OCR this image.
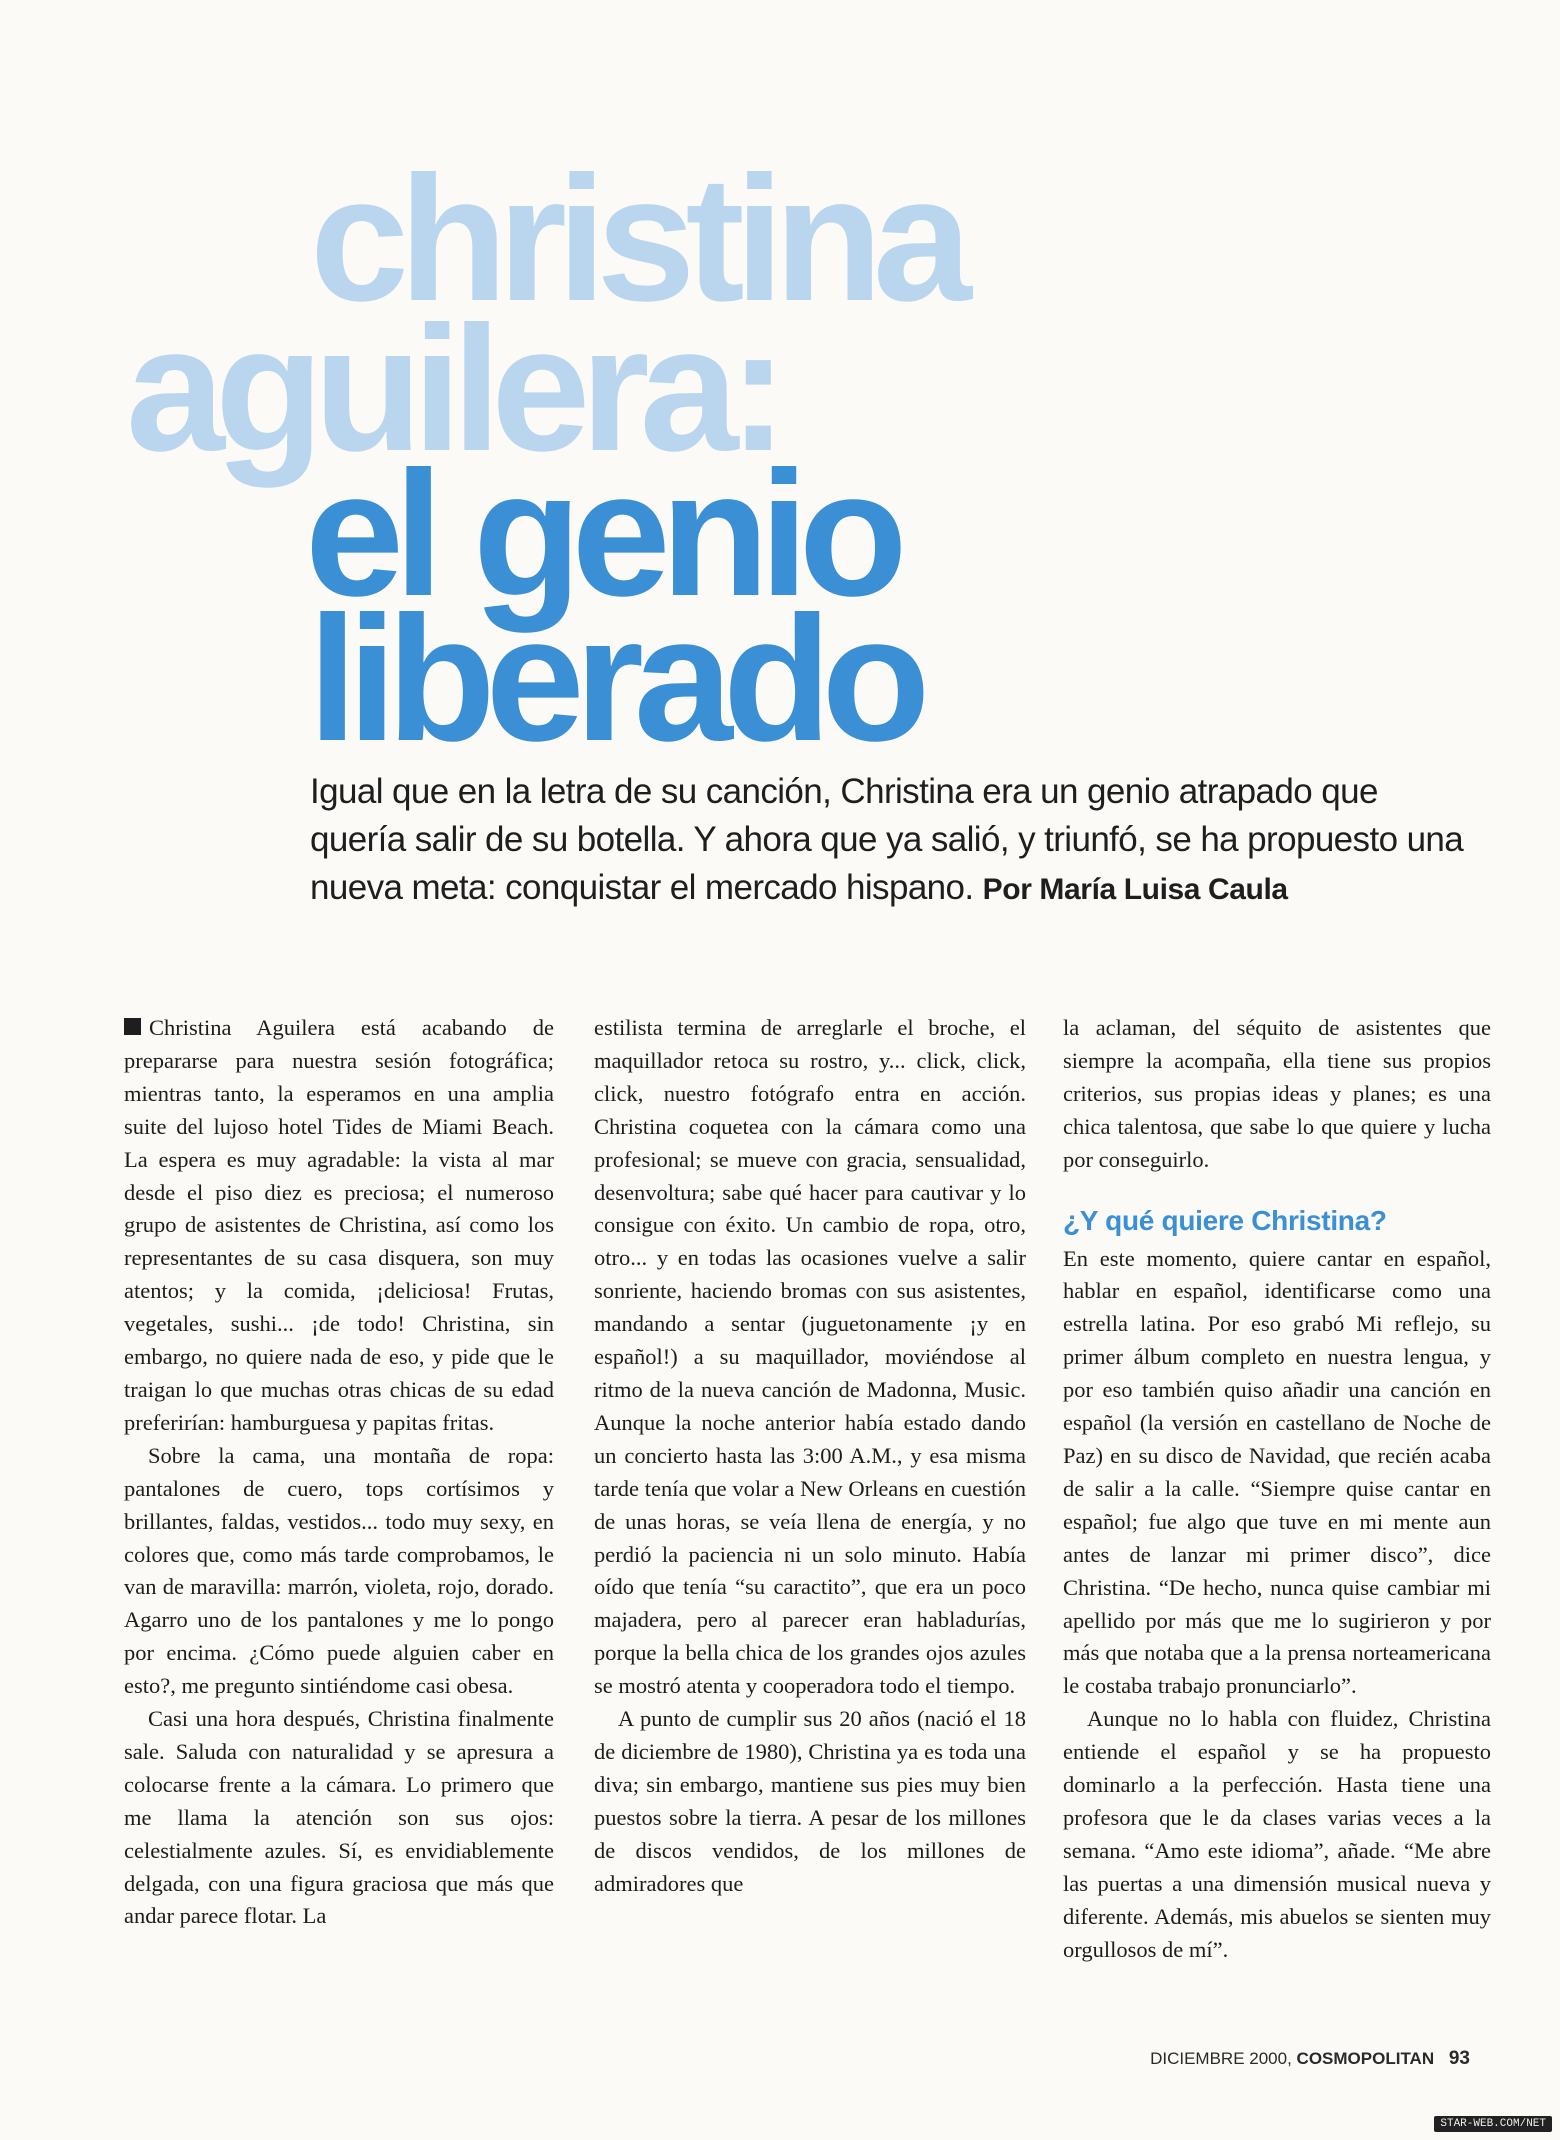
christina
aguilera:
el genio
liberado
Igual que en la letra de su canción, Christina era un genio atrapado que quería salir de su botella. Y ahora que ya salió, y triunfó, se ha propuesto una nueva meta: conquistar el mercado hispano. Por María Luisa Caula

Christina Aguilera está acabando de prepararse para nuestra sesión fotográfica; mientras tanto, la esperamos en una amplia suite del lujoso hotel Tides de Miami Beach. La espera es muy agradable: la vista al mar desde el piso diez es preciosa; el numeroso grupo de asistentes de Christina, así como los representantes de su casa disquera, son muy atentos; y la comida, ¡deliciosa! Frutas, vegetales, sushi... ¡de todo! Christina, sin embargo, no quiere nada de eso, y pide que le traigan lo que muchas otras chicas de su edad preferirían: hamburguesa y papitas fritas.

Sobre la cama, una montaña de ropa: pantalones de cuero, tops cortísimos y brillantes, faldas, vestidos... todo muy sexy, en colores que, como más tarde comprobamos, le van de maravilla: marrón, violeta, rojo, dorado. Agarro uno de los pantalones y me lo pongo por encima. ¿Cómo puede alguien caber en esto?, me pregunto sintiéndome casi obesa.

Casi una hora después, Christina finalmente sale. Saluda con naturalidad y se apresura a colocarse frente a la cámara. Lo primero que me llama la atención son sus ojos: celestialmente azules. Sí, es envidiablemente delgada, con una figura graciosa que más que andar parece flotar. La

estilista termina de arreglarle el broche, el maquillador retoca su rostro, y... click, click, click, nuestro fotógrafo entra en acción. Christina coquetea con la cámara como una profesional; se mueve con gracia, sensualidad, desenvoltura; sabe qué hacer para cautivar y lo consigue con éxito. Un cambio de ropa, otro, otro... y en todas las ocasiones vuelve a salir sonriente, haciendo bromas con sus asistentes, mandando a sentar (juguetonamente ¡y en español!) a su maquillador, moviéndose al ritmo de la nueva canción de Madonna, Music. Aunque la noche anterior había estado dando un concierto hasta las 3:00 A.M., y esa misma tarde tenía que volar a New Orleans en cuestión de unas horas, se veía llena de energía, y no perdió la paciencia ni un solo minuto. Había oído que tenía “su caractito”, que era un poco majadera, pero al parecer eran habladurías, porque la bella chica de los grandes ojos azules se mostró atenta y cooperadora todo el tiempo.

A punto de cumplir sus 20 años (nació el 18 de diciembre de 1980), Christina ya es toda una diva; sin embargo, mantiene sus pies muy bien puestos sobre la tierra. A pesar de los millones de discos vendidos, de los millones de admiradores que

la aclaman, del séquito de asistentes que siempre la acompaña, ella tiene sus propios criterios, sus propias ideas y planes; es una chica talentosa, que sabe lo que quiere y lucha por conseguirlo.

¿Y qué quiere Christina?

En este momento, quiere cantar en español, hablar en español, identificarse como una estrella latina. Por eso grabó Mi reflejo, su primer álbum completo en nuestra lengua, y por eso también quiso añadir una canción en español (la versión en castellano de Noche de Paz) en su disco de Navidad, que recién acaba de salir a la calle. “Siempre quise cantar en español; fue algo que tuve en mi mente aun antes de lanzar mi primer disco”, dice Christina. “De hecho, nunca quise cambiar mi apellido por más que me lo sugirieron y por más que notaba que a la prensa norteamericana le costaba trabajo pronunciarlo”.

Aunque no lo habla con fluidez, Christina entiende el español y se ha propuesto dominarlo a la perfección. Hasta tiene una profesora que le da clases varias veces a la semana. “Amo este idioma”, añade. “Me abre las puertas a una dimensión musical nueva y diferente. Además, mis abuelos se sienten muy orgullosos de mí”.

DICIEMBRE 2000, COSMOPOLITAN 93
STAR-WEB.COM/NET
